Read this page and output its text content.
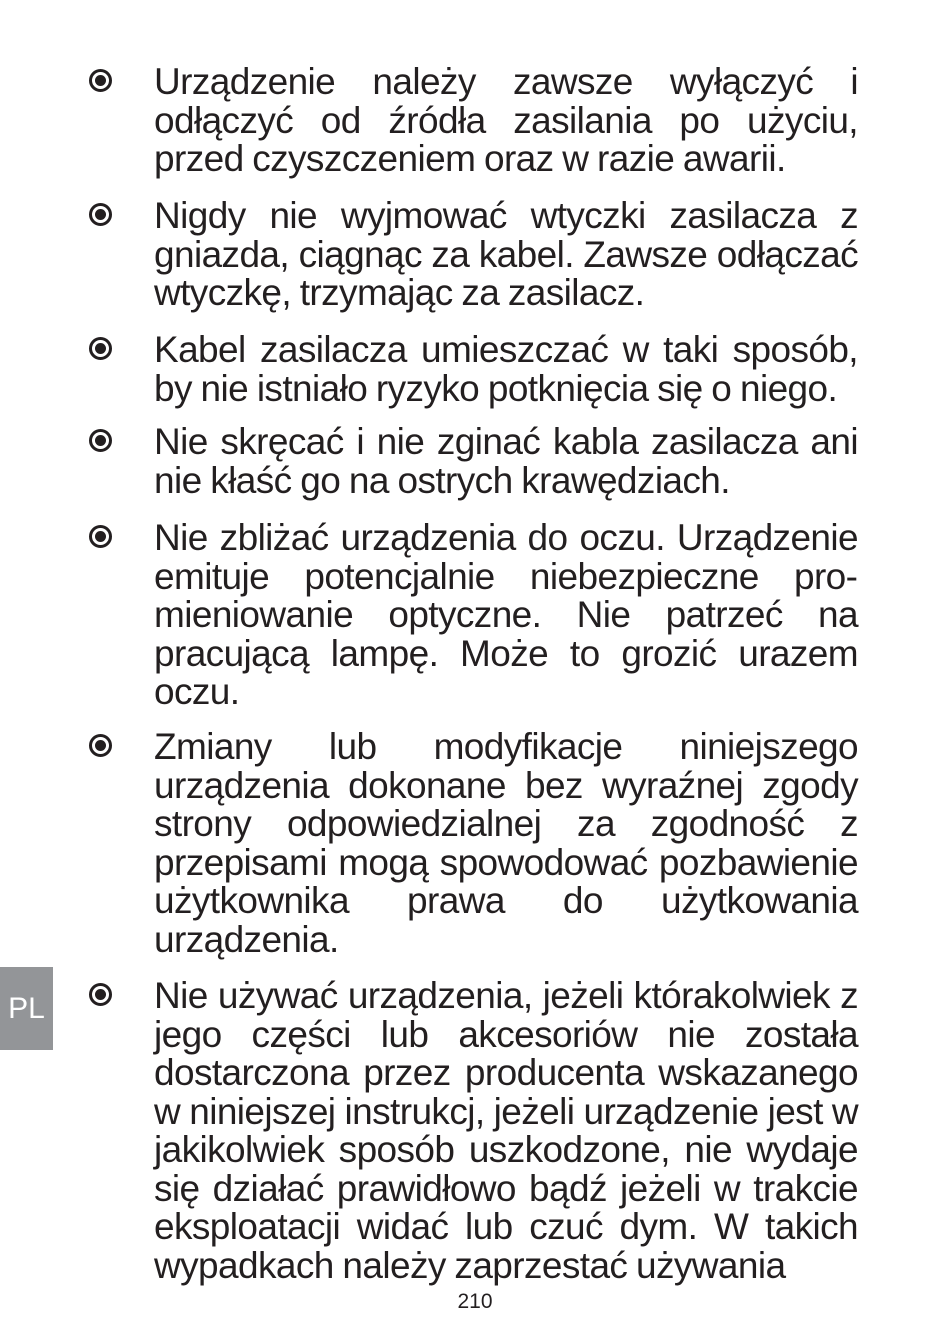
Urządzenie należy zawsze wyłączyć i odłączyć od źródła zasilania po użyciu, przed czyszczeniem oraz w razie awarii.

Nigdy nie wyjmować wtyczki zasilacza z gniazda, ciągnąc za kabel. Zawsze odłączać wtyczkę, trzymając za zasilacz.

Kabel zasilacza umieszczać w taki sposób, by nie istniało ryzyko potknięcia się o niego.

Nie skręcać i nie zginać kabla zasilacza ani nie kłaść go na ostrych krawędziach.

Nie zbliżać urządzenia do oczu. Urządzenie emituje potencjalnie niebezpieczne promieniowanie optyczne. Nie patrzeć na pracującą lampę. Może to grozić urazem oczu.

Zmiany lub modyfikacje niniejszego urządzenia dokonane bez wyraźnej zgody strony odpowiedzialnej za zgodność z przepisami mogą spowodować pozbawienie użytkownika prawa do użytkowania urządzenia.

Nie używać urządzenia, jeżeli którakolwiek z jego części lub akcesoriów nie została dostarczona przez producenta wskazanego w niniejszej instrukcj, jeżeli urządzenie jest w jakikolwiek sposób uszkodzone, nie wydaje się działać prawidłowo bądź jeżeli w trakcie eksploatacji widać lub czuć dym. W takich wypadkach należy zaprzestać używania

PL
210
